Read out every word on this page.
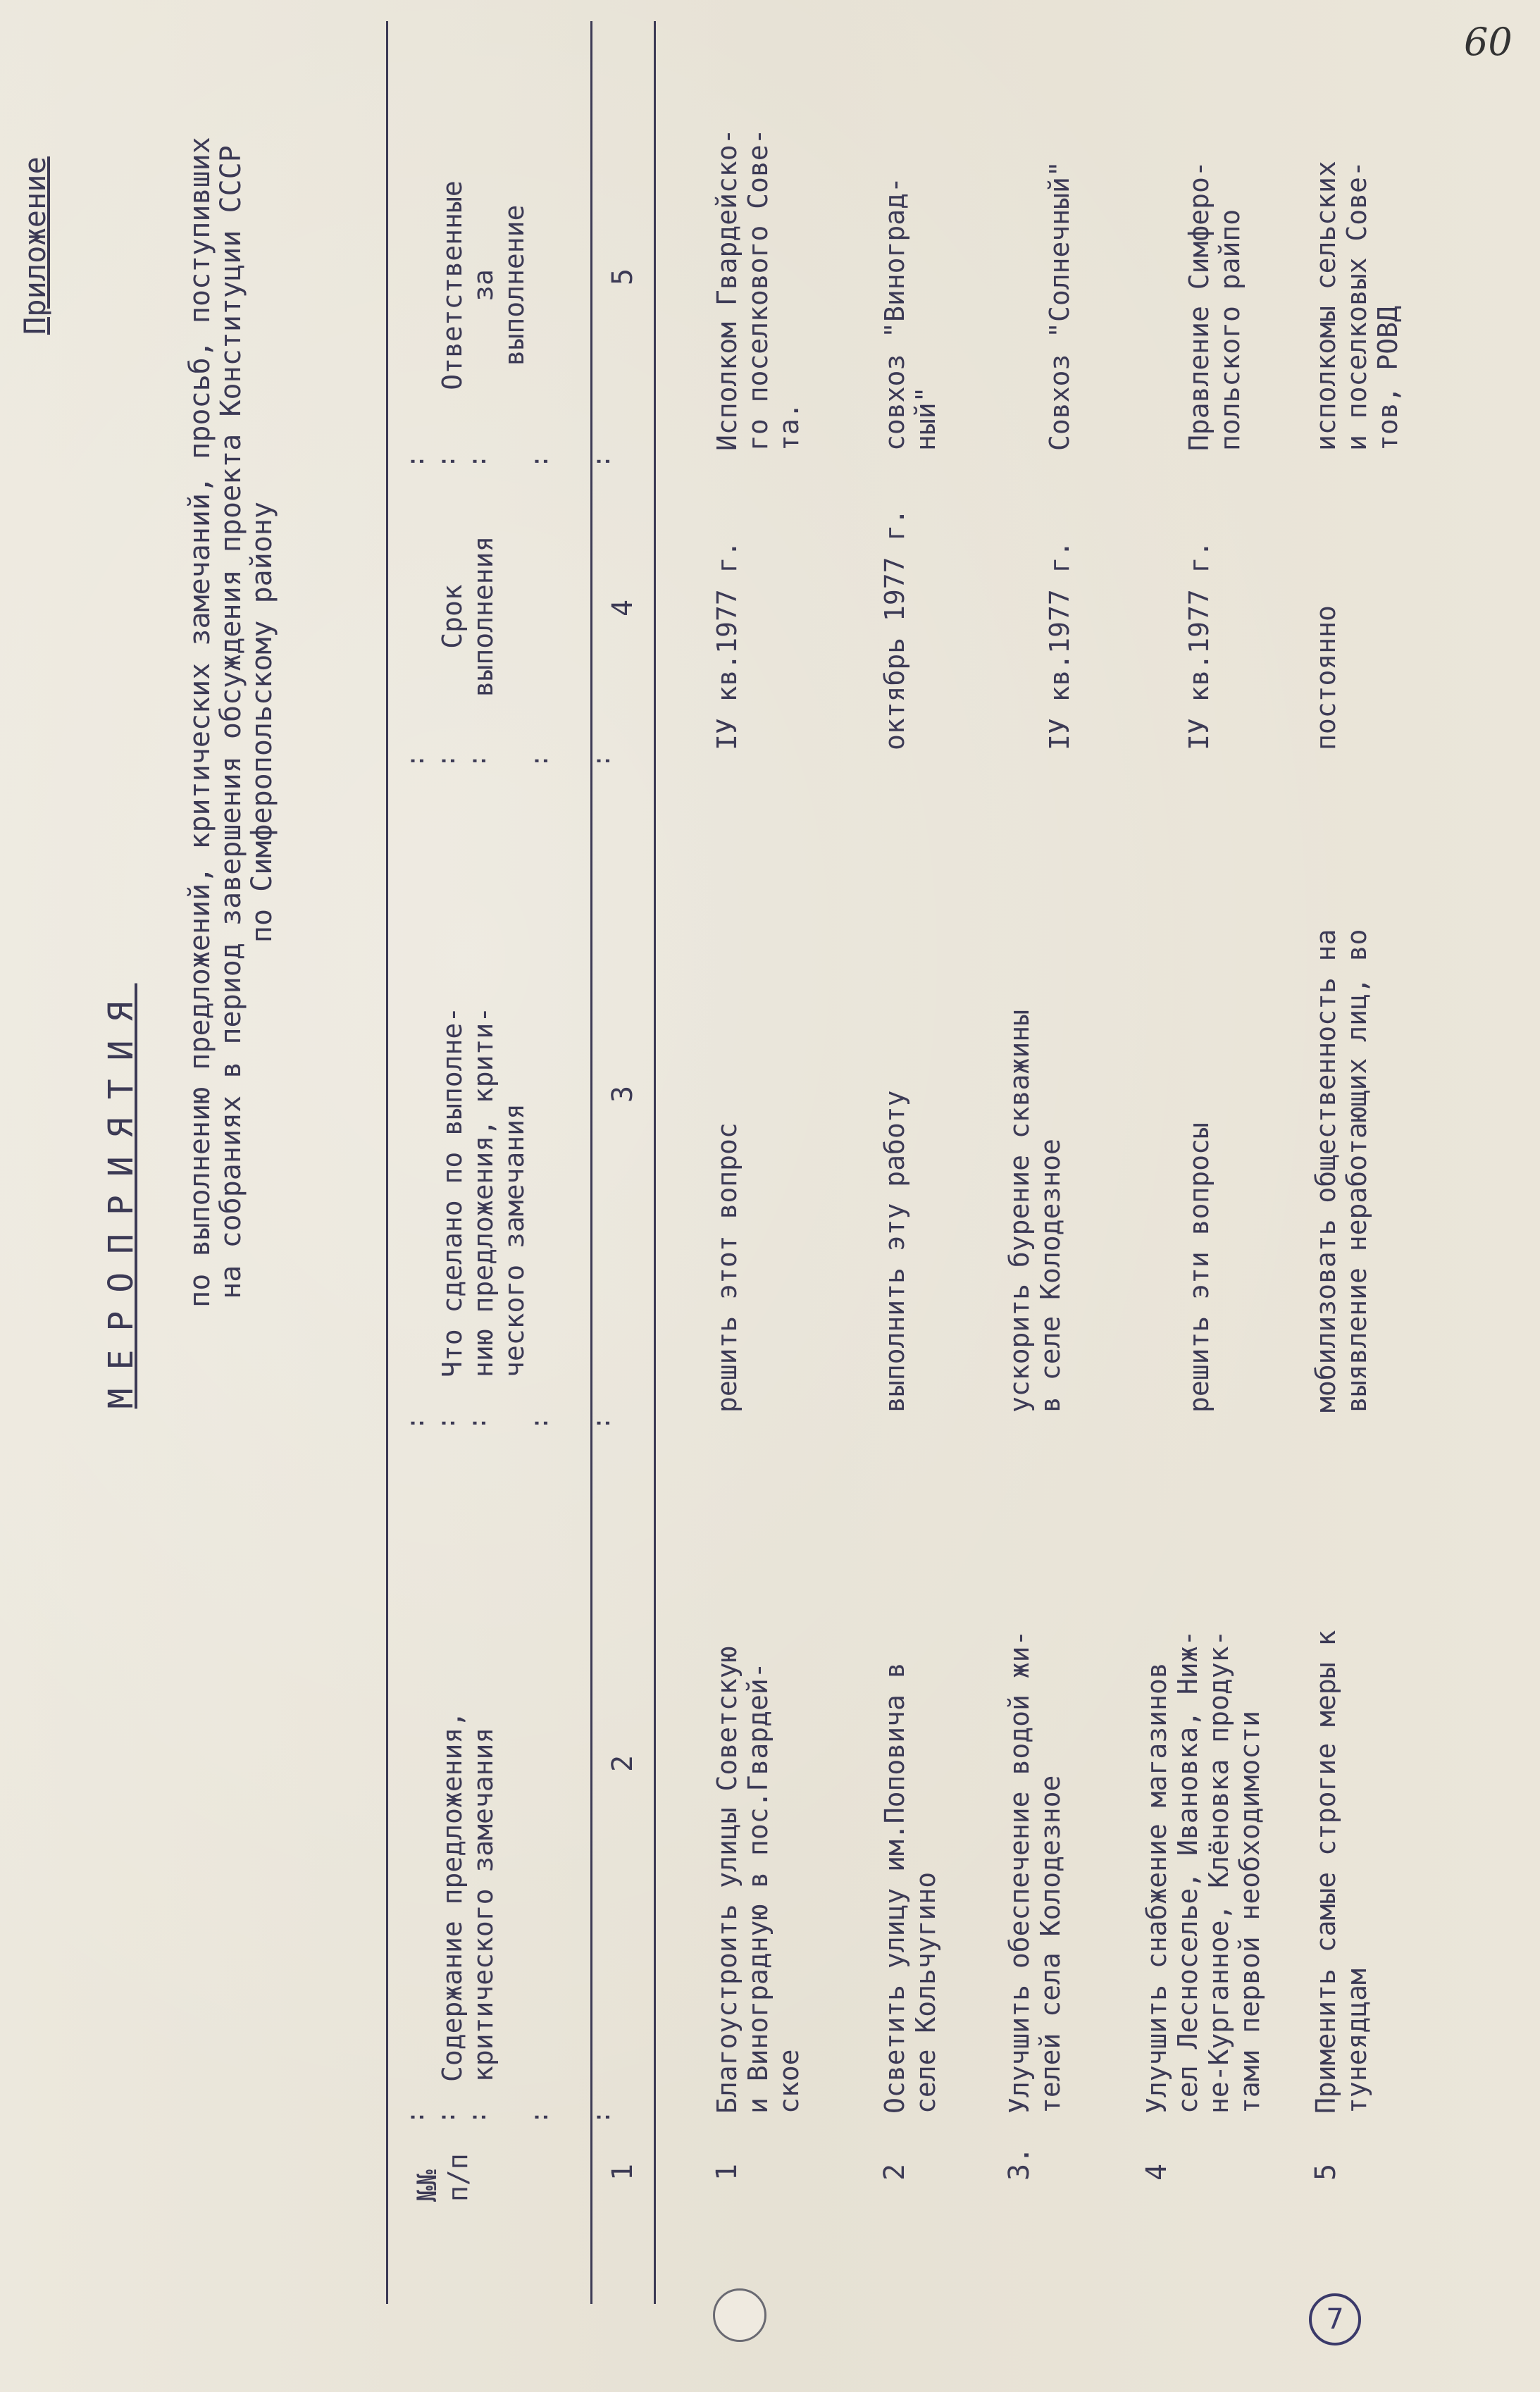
60
7
Приложение
МЕРОПРИЯТИЯ по выполнению предложений, критических замечаний, просьб, поступивших
на собраниях в период завершения обсуждения проекта Конституции СССР
по Симферопольскому району
: : : : :
: : : : :
: : : : :
: : : : :
№№ п/п
Содержание предложения, критического замечания
Что сделано по выполне- нию предложения, крити- ческого замечания
Срок выполнения
Ответственные за выполнение
1
2
3
4
5
1
Благоустроить улицы Советскую и Виноградную в пос.Гвардей- ское
решить этот вопрос
IУ кв.1977 г.
Исполком Гвардейско- го поселкового Сове- та.
2
Осветить улицу им.Поповича в селе Кольчугино
выполнить эту работу
октябрь 1977 г.
совхоз "Виноград- ный"
3.
Улучшить обеспечение водой жи- телей села Колодезное
ускорить бурение скважины в селе Колодезное
IУ кв.1977 г.
Совхоз "Солнечный"
4
Улучшить снабжение магазинов сел Лесноселье, Ивановка, Ниж- не-Курганное, Клёновка продук- тами первой необходимости
решить эти вопросы
IУ кв.1977 г.
Правление Симферо- польского райпо
5
Применить самые строгие меры к тунеядцам
мобилизовать общественность на выявление неработающих лиц, во
постоянно
исполкомы сельских и поселковых Сове- тов, РОВД
